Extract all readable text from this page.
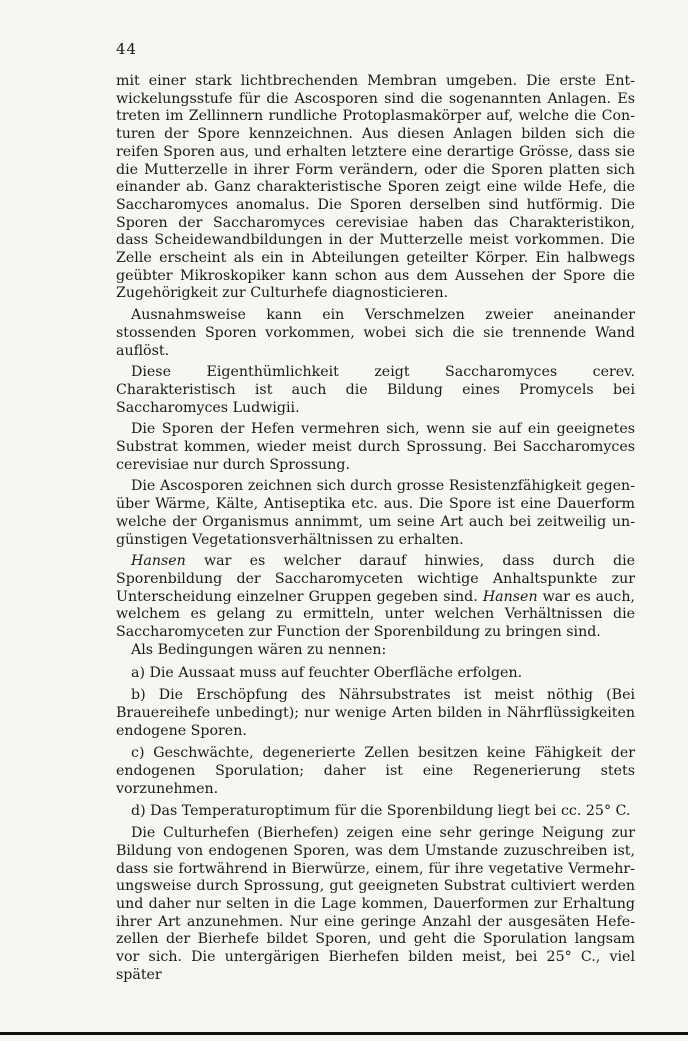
44

mit einer stark lichtbrechenden Membran umgeben. Die erste Entwickelungsstufe für die Ascosporen sind die sogenannten Anlagen. Es treten im Zellinnern rundliche Protoplasmakörper auf, welche die Conturen der Spore kennzeichnen. Aus diesen Anlagen bilden sich die reifen Sporen aus, und erhalten letztere eine derartige Grösse, dass sie die Mutterzelle in ihrer Form verändern, oder die Sporen platten sich einander ab. Ganz charakteristische Sporen zeigt eine wilde Hefe, die Saccharomyces anomalus. Die Sporen derselben sind hutförmig. Die Sporen der Saccharomyces cerevisiae haben das Charakteristikon, dass Scheidewandbildungen in der Mutterzelle meist vorkommen. Die Zelle erscheint als ein in Abteilungen geteilter Körper. Ein halbwegs geübter Mikroskopiker kann schon aus dem Aussehen der Spore die Zugehörigkeit zur Culturhefe diagnosticieren.

Ausnahmsweise kann ein Verschmelzen zweier aneinander stossenden Sporen vorkommen, wobei sich die sie trennende Wand auflöst.

Diese Eigenthümlichkeit zeigt Saccharomyces cerev. Charakteristisch ist auch die Bildung eines Promycels bei Saccharomyces Ludwigii.

Die Sporen der Hefen vermehren sich, wenn sie auf ein geeignetes Substrat kommen, wieder meist durch Sprossung. Bei Saccharomyces cerevisiae nur durch Sprossung.

Die Ascosporen zeichnen sich durch grosse Resistenzfähigkeit gegenüber Wärme, Kälte, Antiseptika etc. aus. Die Spore ist eine Dauerform welche der Organismus annimmt, um seine Art auch bei zeitweilig ungünstigen Vegetationsverhältnissen zu erhalten.

Hansen war es welcher darauf hinwies, dass durch die Sporenbildung der Saccharomyceten wichtige Anhaltspunkte zur Unterscheidung einzelner Gruppen gegeben sind. Hansen war es auch, welchem es gelang zu ermitteln, unter welchen Verhältnissen die Saccharomyceten zur Function der Sporenbildung zu bringen sind.

Als Bedingungen wären zu nennen:

a) Die Aussaat muss auf feuchter Oberfläche erfolgen.

b) Die Erschöpfung des Nährsubstrates ist meist nöthig (Bei Brauereihefe unbedingt); nur wenige Arten bilden in Nährflüssigkeiten endogene Sporen.

c) Geschwächte, degenerierte Zellen besitzen keine Fähigkeit der endogenen Sporulation; daher ist eine Regenerierung stets vorzunehmen.

d) Das Temperaturoptimum für die Sporenbildung liegt bei cc. 25° C.

Die Culturhefen (Bierhefen) zeigen eine sehr geringe Neigung zur Bildung von endogenen Sporen, was dem Umstande zuzuschreiben ist, dass sie fortwährend in Bierwürze, einem, für ihre vegetative Vermehrungsweise durch Sprossung, gut geeigneten Substrat cultiviert werden und daher nur selten in die Lage kommen, Dauerformen zur Erhaltung ihrer Art anzunehmen. Nur eine geringe Anzahl der ausgesäten Hefezellen der Bierhefe bildet Sporen, und geht die Sporulation langsam vor sich. Die untergärigen Bierhefen bilden meist, bei 25° C., viel später
